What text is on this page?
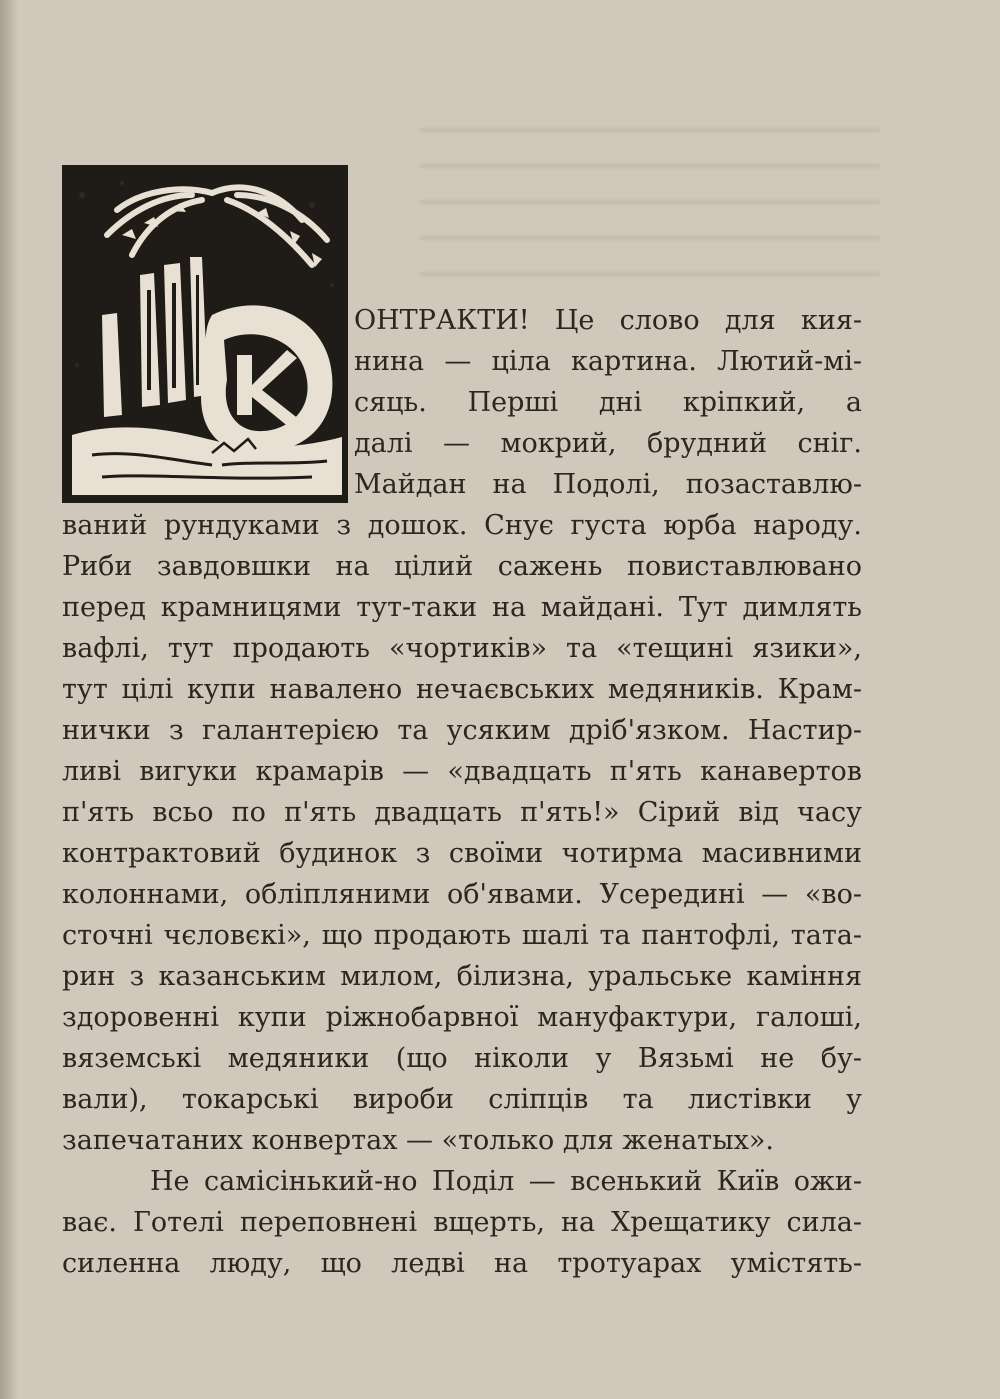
ОНТРАКТИ! Це слово для кия-
нина — ціла картина. Лютий-мі-
сяць. Перші дні кріпкий, а
далі — мокрий, брудний сніг.
Майдан на Подолі, позаставлю-
ваний рундуками з дошок. Снує густа юрба народу.
Риби завдовшки на цілий сажень повиставлювано
перед крамницями тут-таки на майдані. Тут димлять
вафлі, тут продають «чортиків» та «тещині язики»,
тут цілі купи навалено нечаєвських медяників. Крам-
нички з галантерією та усяким дріб'язком. Настир-
ливі вигуки крамарів — «двадцать п'ять канавертов
п'ять всьо по п'ять двадцать п'ять!» Сірий від часу
контрактовий будинок з своїми чотирма масивними
колоннами, обліпляними об'явами. Усередині — «во-
сточні чєловєкі», що продають шалі та пантофлі, тата-
рин з казанським милом, білизна, уральське каміння
здоровенні купи ріжнобарвної мануфактури, галоші,
вяземські медяники (що ніколи у Вязьмі не бу-
вали), токарські вироби сліпців та листівки у
запечатаних конвертах — «только для женатых».
Не самісінький-но Поділ — всенький Київ ожи-
ває. Готелі переповнені вщерть, на Хрещатику сила-
силенна люду, що ледві на тротуарах умістять-
